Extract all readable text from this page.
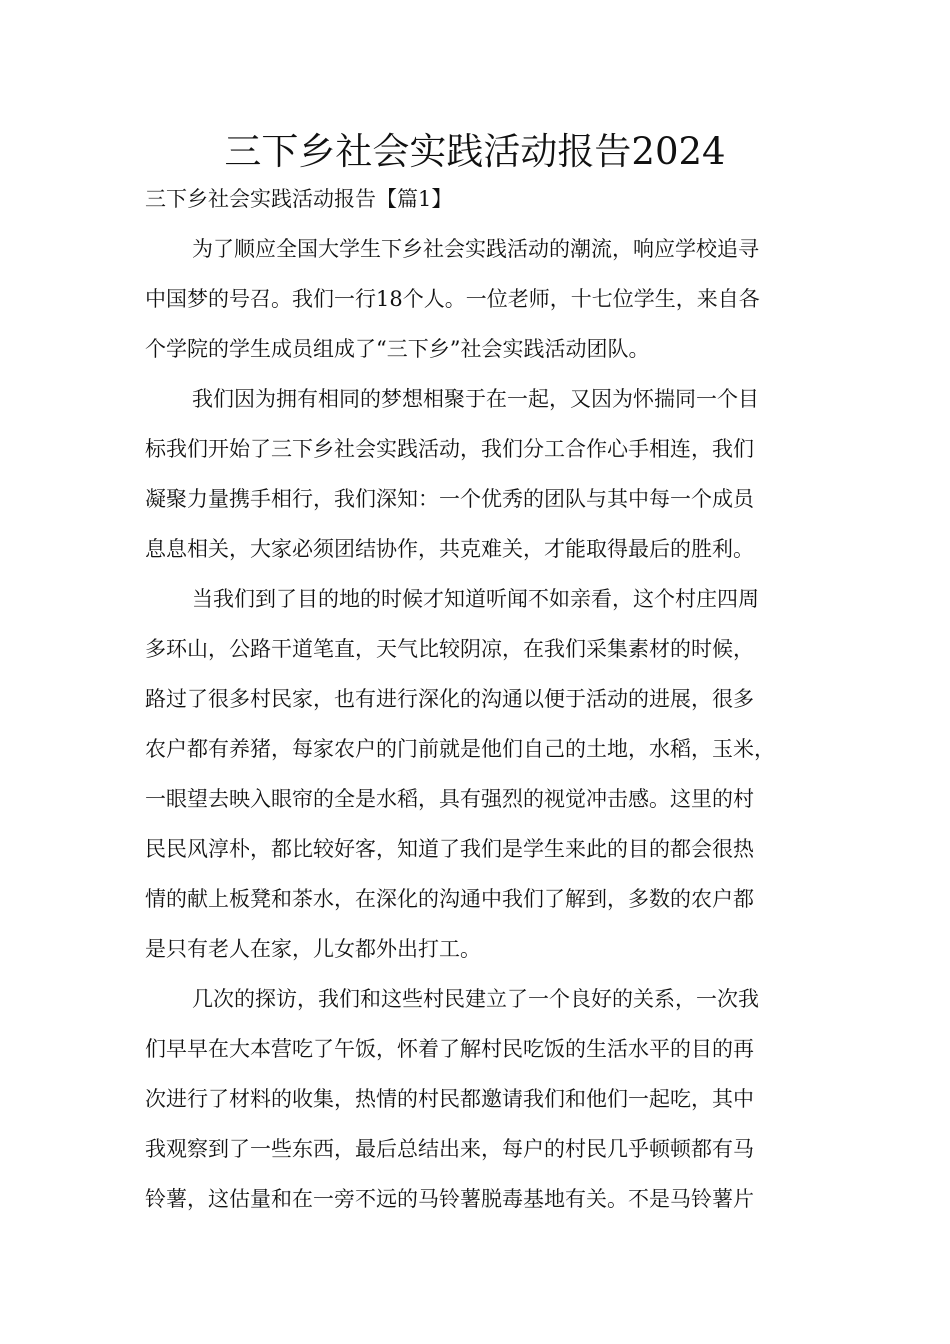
三下乡社会实践活动报告2024
三下乡社会实践活动报告【篇1】
为了顺应全国大学生下乡社会实践活动的潮流，响应学校追寻
中国梦的号召。我们一行18个人。一位老师，十七位学生，来自各
个学院的学生成员组成了“三下乡”社会实践活动团队。
我们因为拥有相同的梦想相聚于在一起，又因为怀揣同一个目
标我们开始了三下乡社会实践活动，我们分工合作心手相连，我们
凝聚力量携手相行，我们深知：一个优秀的团队与其中每一个成员
息息相关，大家必须团结协作，共克难关，才能取得最后的胜利。
当我们到了目的地的时候才知道听闻不如亲看，这个村庄四周
多环山，公路干道笔直，天气比较阴凉，在我们采集素材的时候，
路过了很多村民家，也有进行深化的沟通以便于活动的进展，很多
农户都有养猪，每家农户的门前就是他们自己的土地，水稻，玉米，
一眼望去映入眼帘的全是水稻，具有强烈的视觉冲击感。这里的村
民民风淳朴，都比较好客，知道了我们是学生来此的目的都会很热
情的献上板凳和茶水，在深化的沟通中我们了解到，多数的农户都
是只有老人在家，儿女都外出打工。
几次的探访，我们和这些村民建立了一个良好的关系，一次我
们早早在大本营吃了午饭，怀着了解村民吃饭的生活水平的目的再
次进行了材料的收集，热情的村民都邀请我们和他们一起吃，其中
我观察到了一些东西，最后总结出来，每户的村民几乎顿顿都有马
铃薯，这估量和在一旁不远的马铃薯脱毒基地有关。不是马铃薯片
